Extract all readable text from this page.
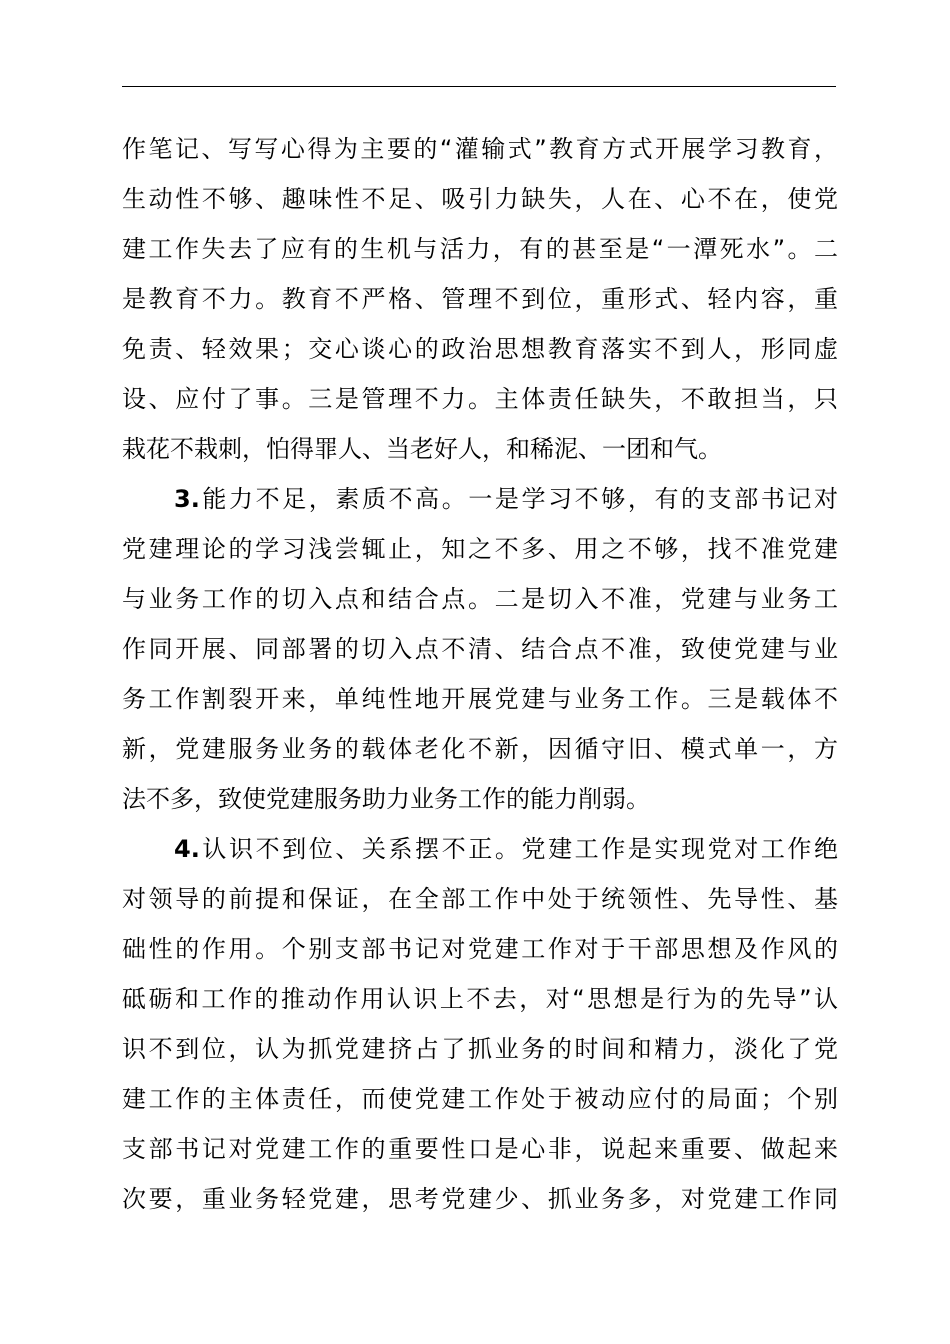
作笔记、写写心得为主要的“灌输式”教育方式开展学习教育，
生动性不够、趣味性不足、吸引力缺失，人在、心不在，使党
建工作失去了应有的生机与活力，有的甚至是“一潭死水”。二
是教育不力。教育不严格、管理不到位，重形式、轻内容，重
免责、轻效果；交心谈心的政治思想教育落实不到人，形同虚
设、应付了事。三是管理不力。主体责任缺失，不敢担当，只
栽花不栽刺，怕得罪人、当老好人，和稀泥、一团和气。
3.能力不足，素质不高。一是学习不够，有的支部书记对
党建理论的学习浅尝辄止，知之不多、用之不够，找不准党建
与业务工作的切入点和结合点。二是切入不准，党建与业务工
作同开展、同部署的切入点不清、结合点不准，致使党建与业
务工作割裂开来，单纯性地开展党建与业务工作。三是载体不
新，党建服务业务的载体老化不新，因循守旧、模式单一，方
法不多，致使党建服务助力业务工作的能力削弱。
4.认识不到位、关系摆不正。党建工作是实现党对工作绝
对领导的前提和保证，在全部工作中处于统领性、先导性、基
础性的作用。个别支部书记对党建工作对于干部思想及作风的
砥砺和工作的推动作用认识上不去，对“思想是行为的先导”认
识不到位，认为抓党建挤占了抓业务的时间和精力，淡化了党
建工作的主体责任，而使党建工作处于被动应付的局面；个别
支部书记对党建工作的重要性口是心非，说起来重要、做起来
次要，重业务轻党建，思考党建少、抓业务多，对党建工作同
